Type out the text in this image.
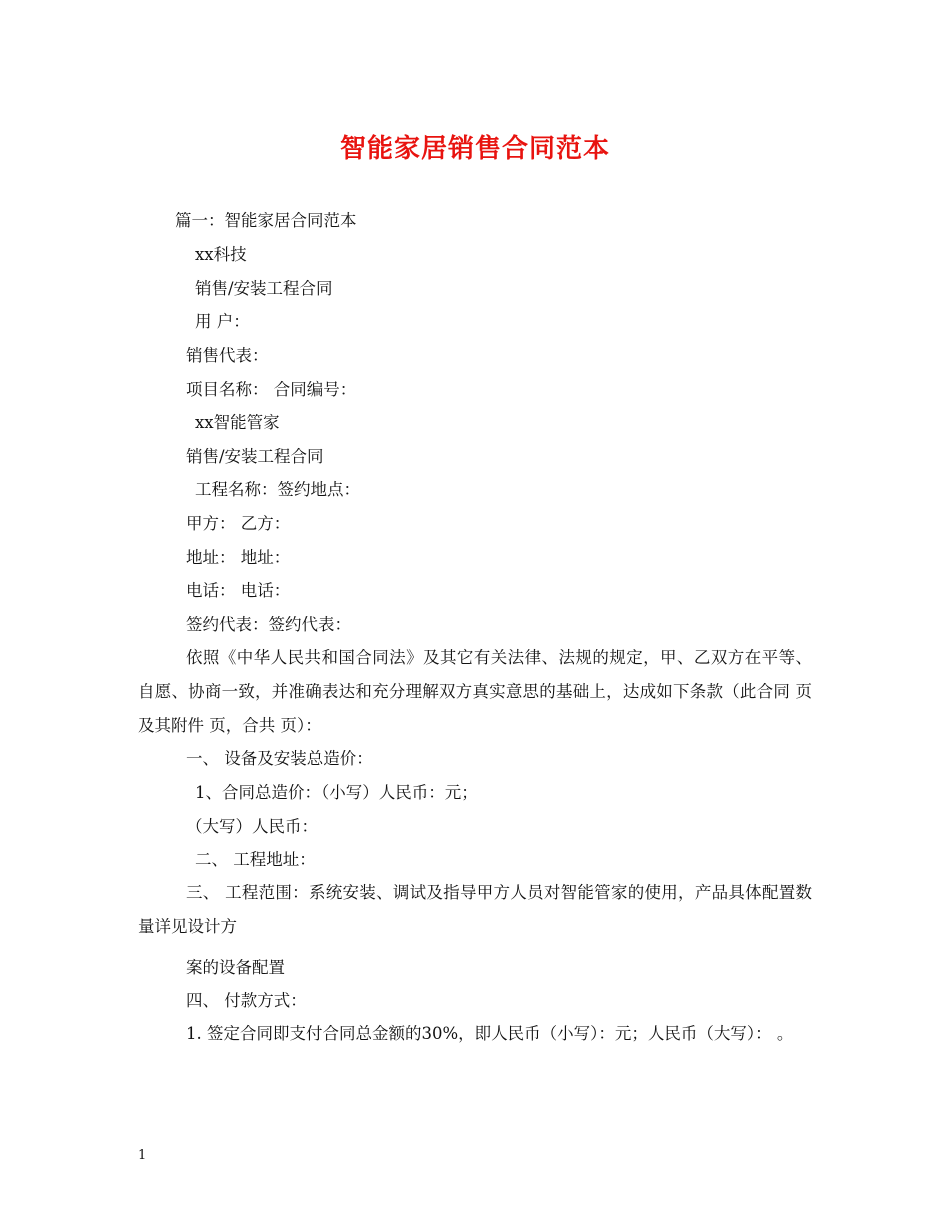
智能家居销售合同范本
篇一：智能家居合同范本
xx科技
销售/安装工程合同
用 户：
销售代表：
项目名称： 合同编号：
xx智能管家
销售/安装工程合同
工程名称：签约地点：
甲方： 乙方：
地址： 地址：
电话： 电话：
签约代表：签约代表：
依照《中华人民共和国合同法》及其它有关法律、法规的规定，甲、乙双方在平等、自愿、协商一致，并准确表达和充分理解双方真实意思的基础上，达成如下条款（此合同 页及其附件 页，合共 页）：
一、 设备及安装总造价：
1、合同总造价：（小写）人民币：元；
（大写）人民币：
二、 工程地址：
三、 工程范围：系统安装、调试及指导甲方人员对智能管家的使用，产品具体配置数量详见设计方
案的设备配置
四、 付款方式：
1. 签定合同即支付合同总金额的30%，即人民币（小写）：元；人民币（大写）： 。
1
